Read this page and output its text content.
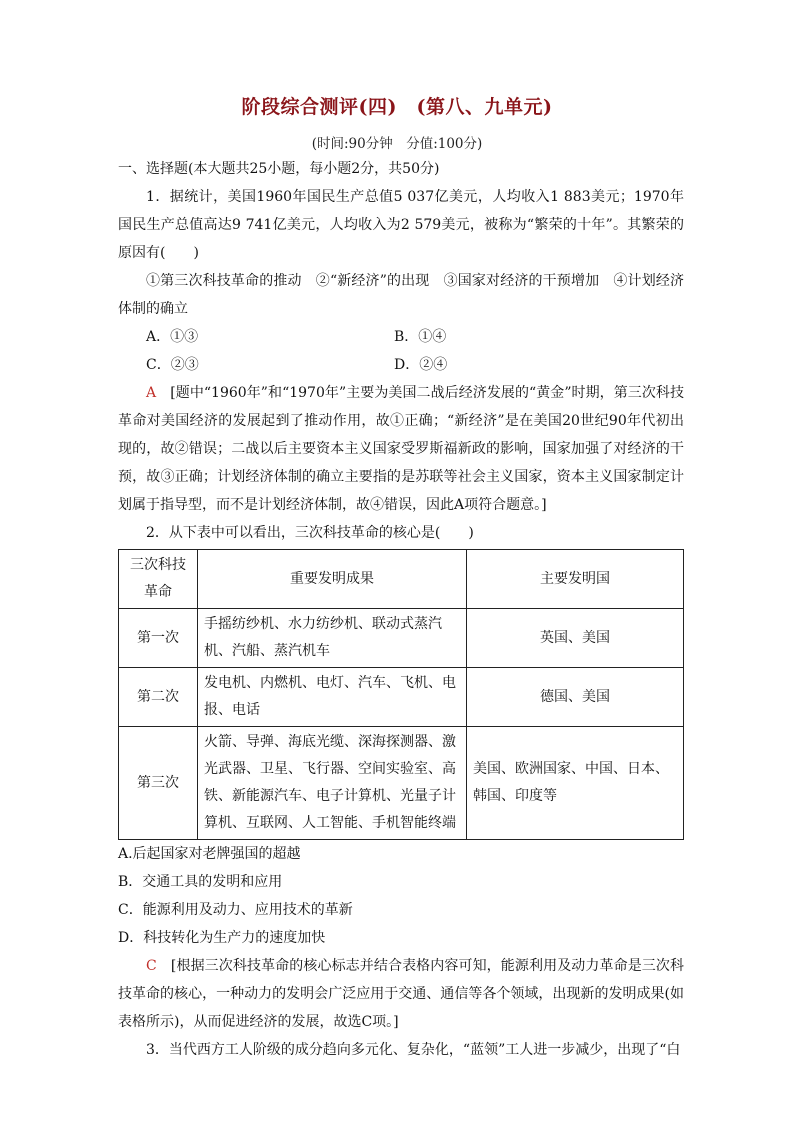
阶段综合测评(四)　(第八、九单元)
(时间:90分钟　分值:100分)

一、选择题(本大题共25小题，每小题2分，共50分)

1．据统计，美国1960年国民生产总值5 037亿美元，人均收入1 883美元；1970年国民生产总值高达9 741亿美元，人均收入为2 579美元，被称为“繁荣的十年”。其繁荣的原因有(　　)

①第三次科技革命的推动　②“新经济”的出现　③国家对经济的干预增加　④计划经济体制的确立

A．①③	B．①④
C．②③	D．②④

A　[题中“1960年”和“1970年”主要为美国二战后经济发展的“黄金”时期，第三次科技革命对美国经济的发展起到了推动作用，故①正确；“新经济”是在美国20世纪90年代初出现的，故②错误；二战以后主要资本主义国家受罗斯福新政的影响，国家加强了对经济的干预，故③正确；计划经济体制的确立主要指的是苏联等社会主义国家，资本主义国家制定计划属于指导型，而不是计划经济体制，故④错误，因此A项符合题意。]

2．从下表中可以看出，三次科技革命的核心是(　　)

三次科技革命	重要发明成果	主要发明国
第一次	手摇纺纱机、水力纺纱机、联动式蒸汽机、汽船、蒸汽机车	英国、美国
第二次	发电机、内燃机、电灯、汽车、飞机、电报、电话	德国、美国
第三次	火箭、导弹、海底光缆、深海探测器、激光武器、卫星、飞行器、空间实验室、高铁、新能源汽车、电子计算机、光量子计算机、互联网、人工智能、手机智能终端	美国、欧洲国家、中国、日本、韩国、印度等

A.后起国家对老牌强国的超越

B．交通工具的发明和应用

C．能源利用及动力、应用技术的革新

D．科技转化为生产力的速度加快

C　[根据三次科技革命的核心标志并结合表格内容可知，能源利用及动力革命是三次科技革命的核心，一种动力的发明会广泛应用于交通、通信等各个领域，出现新的发明成果(如表格所示)，从而促进经济的发展，故选C项。]

3．当代西方工人阶级的成分趋向多元化、复杂化，“蓝领”工人进一步减少，出现了“白
